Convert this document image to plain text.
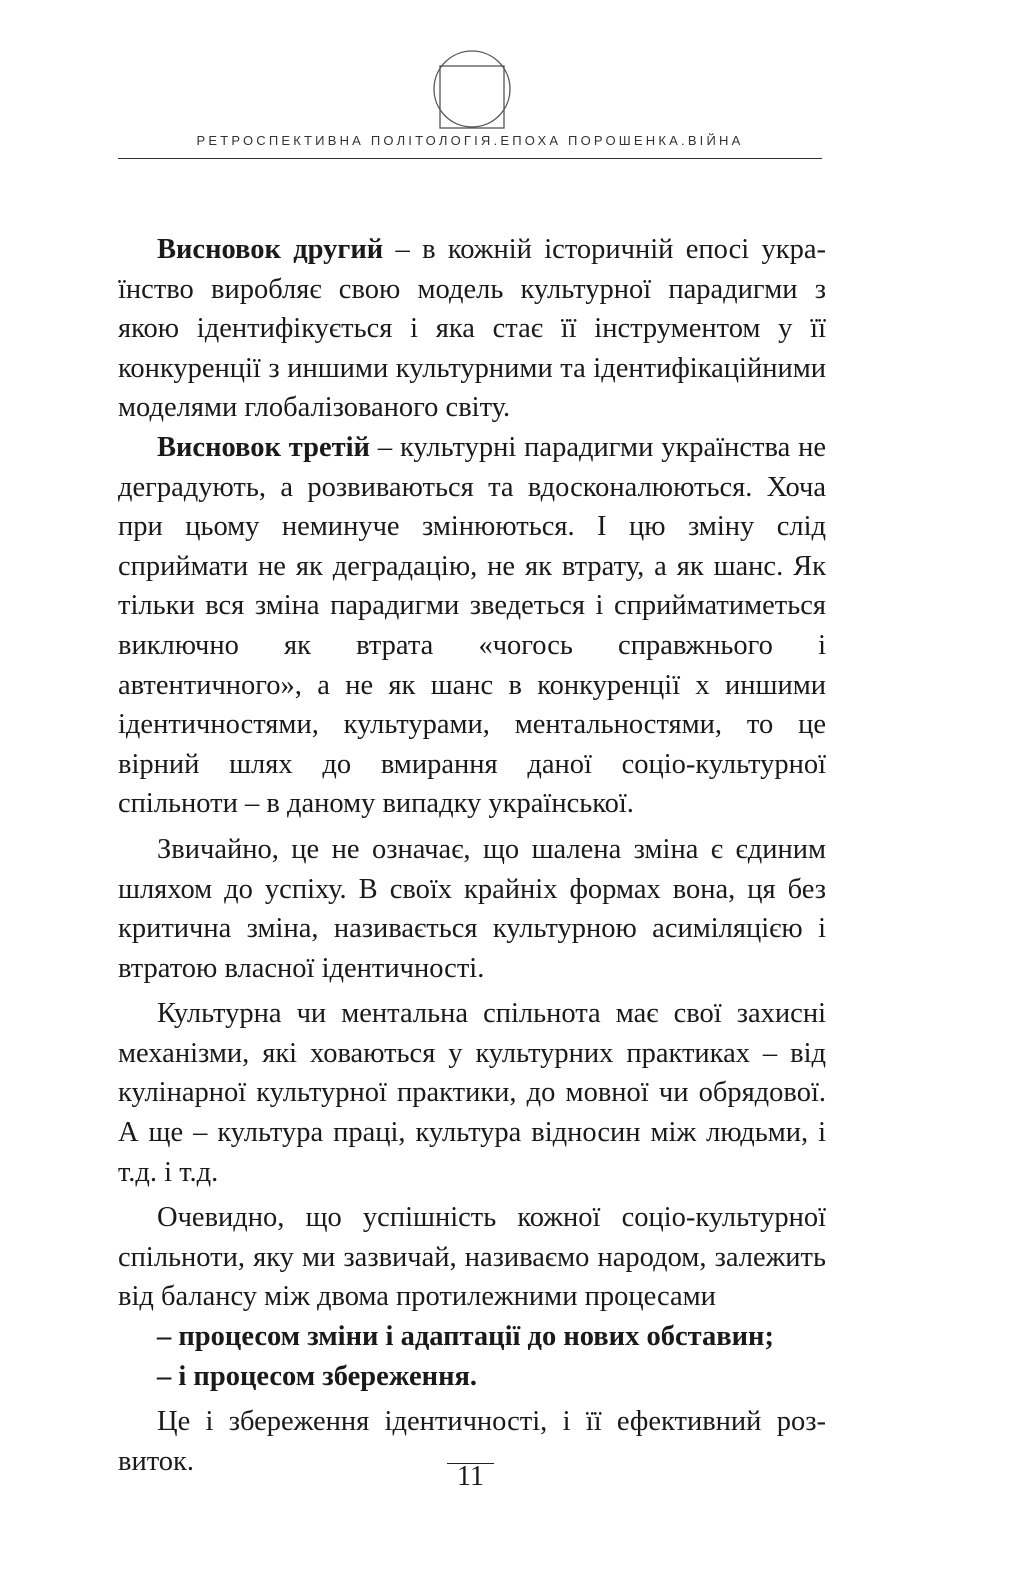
РЕТРОСПЕКТИВНА ПОЛІТОЛОГІЯ.ЕПОХА ПОРОШЕНКА.ВІЙНА

Висновок другий – в кожній історичній епосі українство виробляє свою модель культурної парадигми з якою ідентифікується і яка стає її інструментом у її конкуренції з иншими культурними та ідентифікаційними моделями глобалізованого світу.

Висновок третій – культурні парадигми українства не деградують, а розвиваються та вдосконалюються. Хоча при цьому неминуче змінюються. І цю зміну слід сприймати не як деградацію, не як втрату, а як шанс. Як тільки вся зміна парадигми зведеться і сприйматиметься виключно як втрата «чогось справжнього і автентичного», а не як шанс в конкуренції х иншими ідентичностями, культурами, ментальностями, то це вірний шлях до вмирання даної соціо-культурної спільноти – в даному випадку української.

Звичайно, це не означає, що шалена зміна є єдиним шляхом до успіху. В своїх крайніх формах вона, ця без критична зміна, називається культурною асиміляцією і втратою власної ідентичності.

Культурна чи ментальна спільнота має свої захисні механізми, які ховаються у культурних практиках – від кулінарної культурної практики, до мовної чи обрядової. А ще – культура праці, культура відносин між людьми, і т.д. і т.д.

Очевидно, що успішність кожної соціо-культурної спільноти, яку ми зазвичай, називаємо народом, залежить від балансу між двома протилежними процесами

– процесом зміни і адаптації до нових обставин;

– і процесом збереження.

Це і збереження ідентичності, і її ефективний розвиток.	11
